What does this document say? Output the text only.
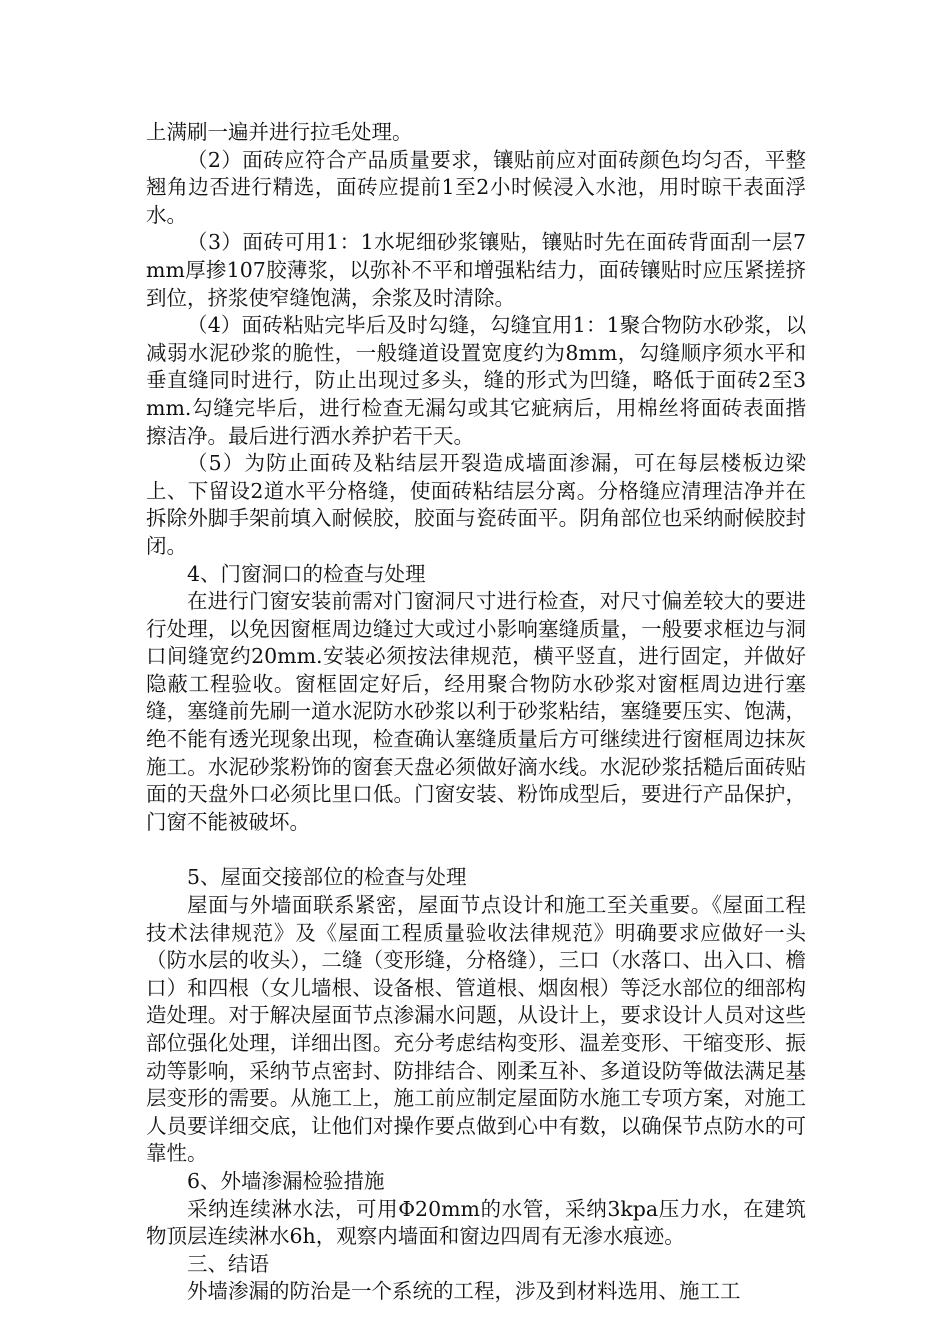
上满刷一遍并进行拉毛处理。

（2）面砖应符合产品质量要求，镶贴前应对面砖颜色均匀否，平整翘角边否进行精选，面砖应提前1至2小时候浸入水池，用时晾干表面浮水。

（3）面砖可用1：1水坭细砂浆镶贴，镶贴时先在面砖背面刮一层7mm厚掺107胶薄浆，以弥补不平和增强粘结力，面砖镶贴时应压紧搓挤到位，挤浆使窄缝饱满，余浆及时清除。

（4）面砖粘贴完毕后及时勾缝，勾缝宜用1：1聚合物防水砂浆，以减弱水泥砂浆的脆性，一般缝道设置宽度约为8mm，勾缝顺序须水平和垂直缝同时进行，防止出现过多头，缝的形式为凹缝，略低于面砖2至3 mm.勾缝完毕后，进行检查无漏勾或其它疵病后，用棉丝将面砖表面揩擦洁净。最后进行洒水养护若干天。

（5）为防止面砖及粘结层开裂造成墙面渗漏，可在每层楼板边梁上、下留设2道水平分格缝，使面砖粘结层分离。分格缝应清理洁净并在拆除外脚手架前填入耐候胶，胶面与瓷砖面平。阴角部位也采纳耐候胶封闭。

4、门窗洞口的检查与处理

在进行门窗安装前需对门窗洞尺寸进行检查，对尺寸偏差较大的要进行处理，以免因窗框周边缝过大或过小影响塞缝质量，一般要求框边与洞口间缝宽约20mm.安装必须按法律规范，横平竖直，进行固定，并做好隐蔽工程验收。窗框固定好后，经用聚合物防水砂浆对窗框周边进行塞缝，塞缝前先刷一道水泥防水砂浆以利于砂浆粘结，塞缝要压实、饱满，绝不能有透光现象出现，检查确认塞缝质量后方可继续进行窗框周边抹灰施工。水泥砂浆粉饰的窗套天盘必须做好滴水线。水泥砂浆括糙后面砖贴面的天盘外口必须比里口低。门窗安装、粉饰成型后，要进行产品保护，门窗不能被破坏。

5、屋面交接部位的检查与处理

屋面与外墙面联系紧密，屋面节点设计和施工至关重要。《屋面工程技术法律规范》及《屋面工程质量验收法律规范》明确要求应做好一头（防水层的收头），二缝（变形缝，分格缝），三口（水落口、出入口、檐口）和四根（女儿墙根、设备根、管道根、烟囱根）等泛水部位的细部构造处理。对于解决屋面节点渗漏水问题，从设计上，要求设计人员对这些部位强化处理，详细出图。充分考虑结构变形、温差变形、干缩变形、振动等影响，采纳节点密封、防排结合、刚柔互补、多道设防等做法满足基层变形的需要。从施工上，施工前应制定屋面防水施工专项方案，对施工人员要详细交底，让他们对操作要点做到心中有数，以确保节点防水的可靠性。

6、外墙渗漏检验措施

采纳连续淋水法，可用Φ20mm的水管，采纳3kpa压力水，在建筑物顶层连续淋水6h，观察内墙面和窗边四周有无渗水痕迹。

三、结语

外墙渗漏的防治是一个系统的工程，涉及到材料选用、施工工
